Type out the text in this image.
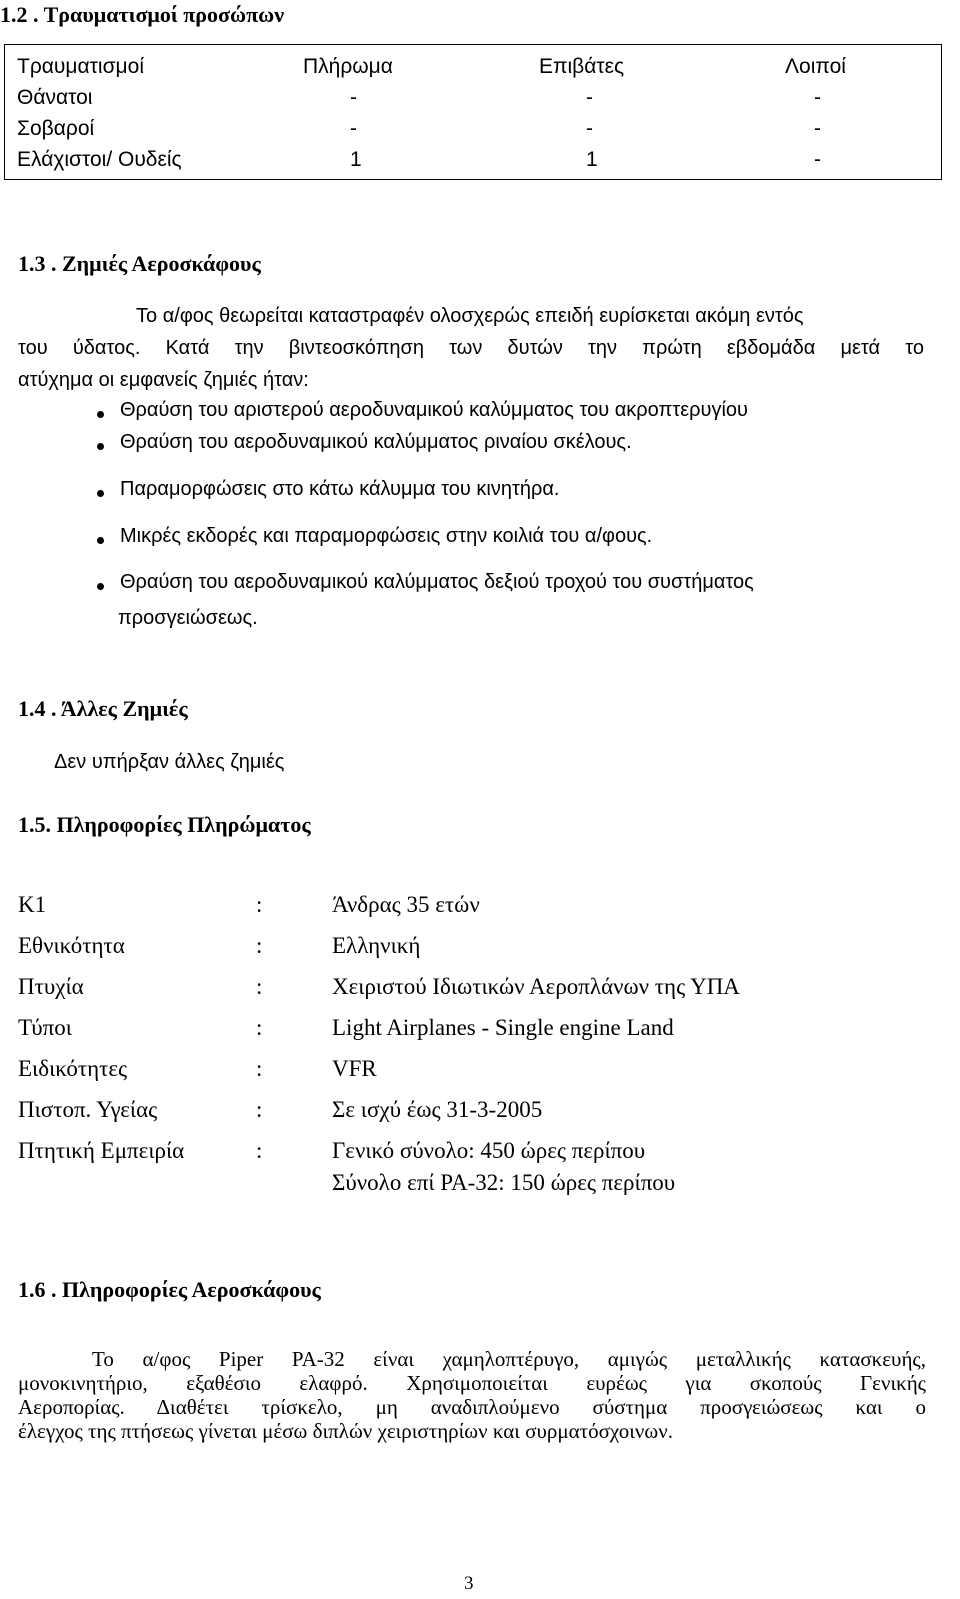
1.2 . Τραυματισμοί προσώπων
Τραυματισμοί	Πλήρωμα	Επιβάτες	Λοιποί
Θάνατοι	-	-	-
Σοβαροί	-	-	-
Ελάχιστοι/ Ουδείς	1	1	-
1.3 . Ζημιές Αεροσκάφους
Το α/φος θεωρείται καταστραφέν ολοσχερώς επειδή ευρίσκεται ακόμη εντός
του ύδατος. Κατά την βιντεοσκόπηση των δυτών την πρώτη εβδομάδα μετά το
ατύχημα οι εμφανείς ζημιές ήταν:
Θραύση του αριστερού αεροδυναμικού καλύμματος του ακροπτερυγίου
Θραύση του αεροδυναμικού καλύμματος ριναίου σκέλους.
Παραμορφώσεις στο κάτω κάλυμμα του κινητήρα.
Μικρές εκδορές και παραμορφώσεις στην κοιλιά του α/φους.
Θραύση του αεροδυναμικού καλύμματος δεξιού τροχού του συστήματος
προσγειώσεως.
1.4 . Άλλες Ζημιές
Δεν υπήρξαν άλλες ζημιές
1.5. Πληροφορίες Πληρώματος
Κ1	:	Άνδρας 35 ετών
Εθνικότητα	:	Ελληνική
Πτυχία	:	Χειριστού Ιδιωτικών Αεροπλάνων της ΥΠΑ
Τύποι	:	Light Airplanes - Single engine Land
Ειδικότητες	:	VFR
Πιστοπ. Υγείας	:	Σε ισχύ έως 31-3-2005
Πτητική Εμπειρία	:	Γενικό σύνολο: 450 ώρες περίπου
Σύνολο επί PA-32: 150 ώρες περίπου
1.6 . Πληροφορίες Αεροσκάφους
Το α/φος Piper PA-32 είναι χαμηλοπτέρυγο, αμιγώς μεταλλικής κατασκευής,
μονοκινητήριο, εξαθέσιο ελαφρό. Χρησιμοποιείται ευρέως για σκοπούς Γενικής
Αεροπορίας. Διαθέτει τρίσκελο, μη αναδιπλούμενο σύστημα προσγειώσεως και ο
έλεγχος της πτήσεως γίνεται μέσω διπλών χειριστηρίων και συρματόσχοινων.
3
